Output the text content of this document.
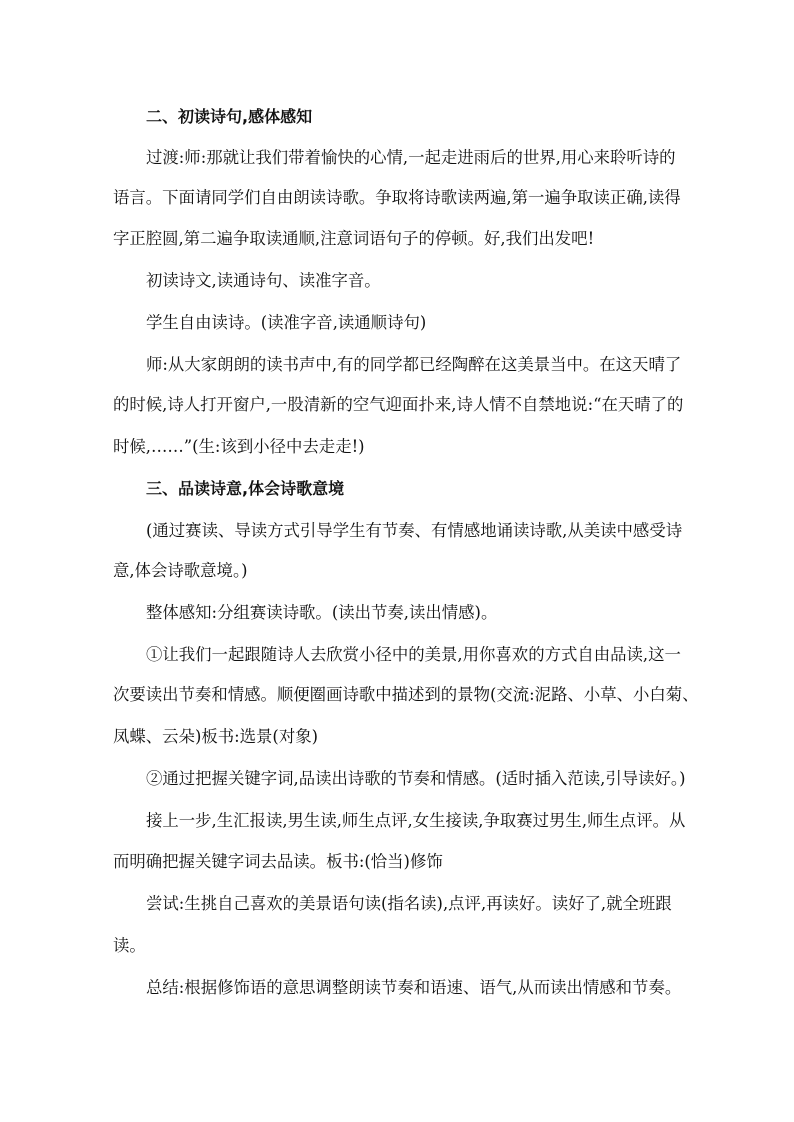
二、初读诗句,感体感知
过渡:师:那就让我们带着愉快的心情,一起走进雨后的世界,用心来聆听诗的
语言。下面请同学们自由朗读诗歌。争取将诗歌读两遍,第一遍争取读正确,读得
字正腔圆,第二遍争取读通顺,注意词语句子的停顿。好,我们出发吧!
初读诗文,读通诗句、读准字音。
学生自由读诗。(读准字音,读通顺诗句)
师:从大家朗朗的读书声中,有的同学都已经陶醉在这美景当中。在这天晴了
的时候,诗人打开窗户,一股清新的空气迎面扑来,诗人情不自禁地说:“在天晴了的
时候,……”(生:该到小径中去走走!)
三、品读诗意,体会诗歌意境
(通过赛读、导读方式引导学生有节奏、有情感地诵读诗歌,从美读中感受诗
意,体会诗歌意境。)
整体感知:分组赛读诗歌。(读出节奏,读出情感)。
①让我们一起跟随诗人去欣赏小径中的美景,用你喜欢的方式自由品读,这一
次要读出节奏和情感。顺便圈画诗歌中描述到的景物(交流:泥路、小草、小白菊、
凤蝶、云朵)板书:选景(对象)
②通过把握关键字词,品读出诗歌的节奏和情感。(适时插入范读,引导读好。)
接上一步,生汇报读,男生读,师生点评,女生接读,争取赛过男生,师生点评。从
而明确把握关键字词去品读。板书:(恰当)修饰
尝试:生挑自己喜欢的美景语句读(指名读),点评,再读好。读好了,就全班跟
读。
总结:根据修饰语的意思调整朗读节奏和语速、语气,从而读出情感和节奏。
